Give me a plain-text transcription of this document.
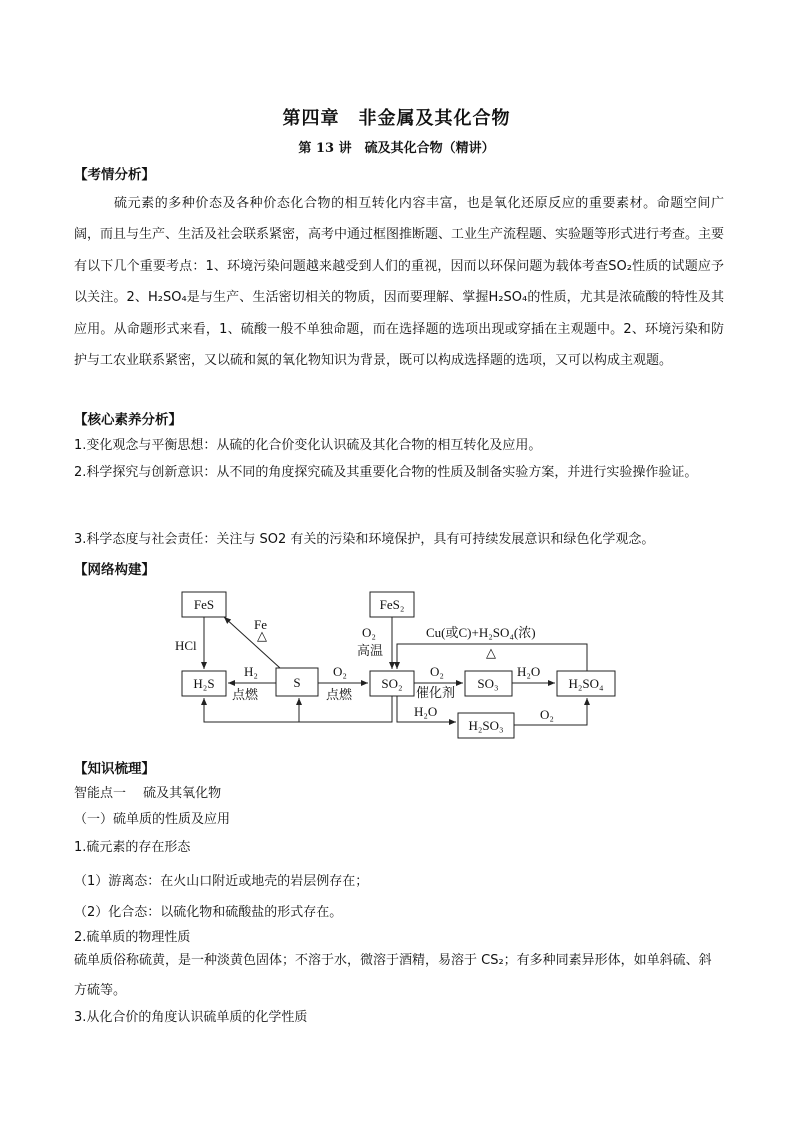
第四章　非金属及其化合物
第 13 讲　硫及其化合物（精讲）
【考情分析】

硫元素的多种价态及各种价态化合物的相互转化内容丰富，也是氧化还原反应的重要素材。命题空间广阔，而且与生产、生活及社会联系紧密，高考中通过框图推断题、工业生产流程题、实验题等形式进行考查。主要有以下几个重要考点：1、环境污染问题越来越受到人们的重视，因而以环保问题为载体考查SO₂性质的试题应予以关注。2、H₂SO₄是与生产、生活密切相关的物质，因而要理解、掌握H₂SO₄的性质，尤其是浓硫酸的特性及其应用。从命题形式来看，1、硫酸一般不单独命题，而在选择题的选项出现或穿插在主观题中。2、环境污染和防护与工农业联系紧密，又以硫和氮的氧化物知识为背景，既可以构成选择题的选项，又可以构成主观题。

【核心素养分析】
1.变化观念与平衡思想：从硫的化合价变化认识硫及其化合物的相互转化及应用。
2.科学探究与创新意识：从不同的角度探究硫及其重要化合物的性质及制备实验方案，并进行实验操作验证。
3.科学态度与社会责任：关注与 SO2 有关的污染和环境保护，具有可持续发展意识和绿色化学观念。
【网络构建】
FeS	FeS₂
H₂S	S	SO₂	SO₃	H₂SO₄
H₂SO₃
Fe
△
HCl
H₂
点燃
O₂
点燃
O₂
高温
Cu(或C)+H₂SO₄(浓)
△
O₂
催化剂
H₂O
H₂O	O₂
【知识梳理】
智能点一　 硫及其氧化物
（一）硫单质的性质及应用
1.硫元素的存在形态
（1）游离态：在火山口附近或地壳的岩层例存在；
（2）化合态：以硫化物和硫酸盐的形式存在。
2.硫单质的物理性质
硫单质俗称硫黄，是一种淡黄色固体；不溶于水，微溶于酒精，易溶于 CS₂；有多种同素异形体，如单斜硫、斜方硫等。
3.从化合价的角度认识硫单质的化学性质
